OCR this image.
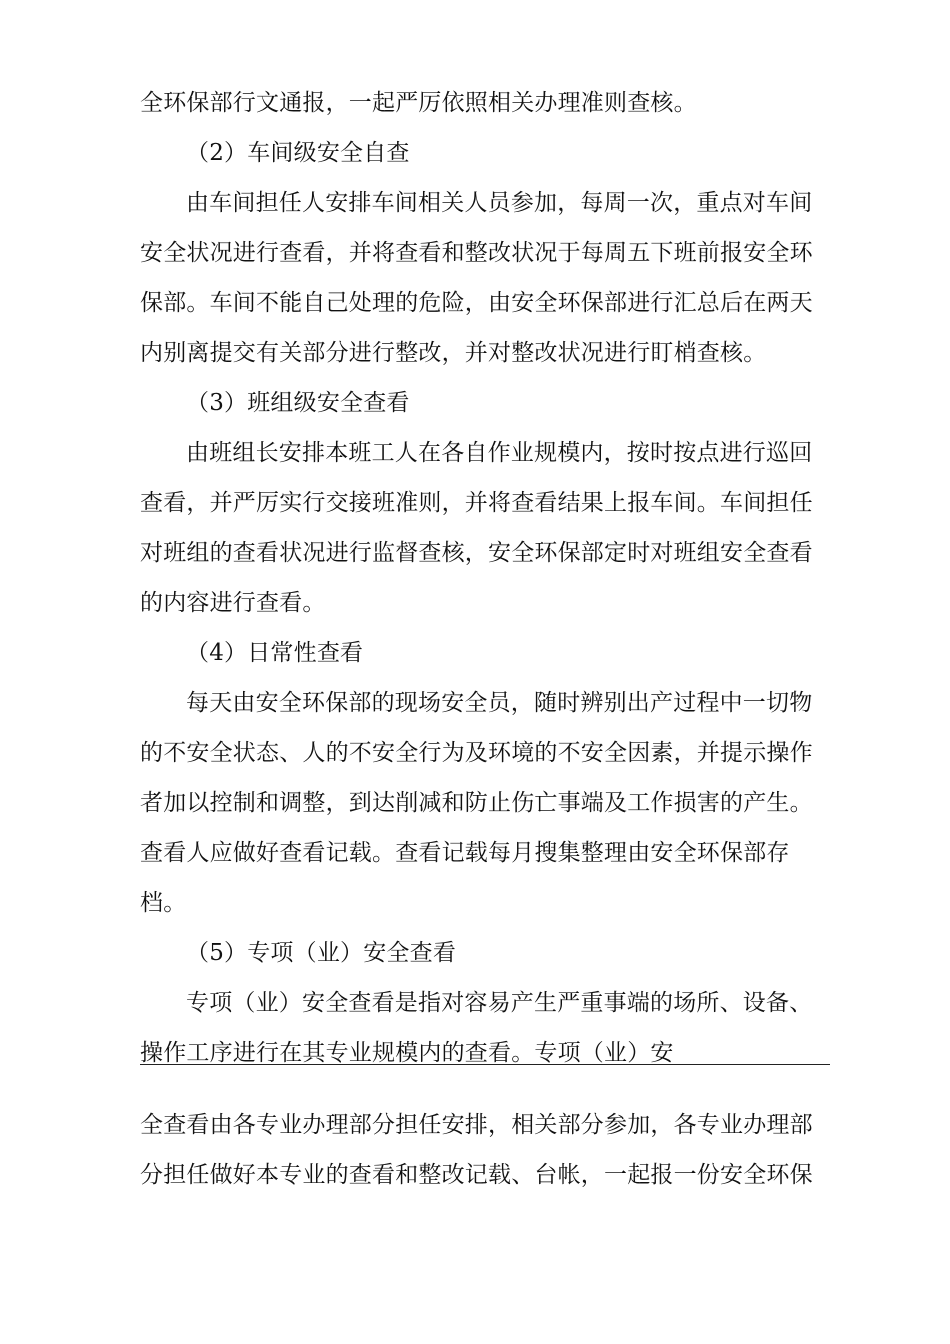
全环保部行文通报，一起严厉依照相关办理准则查核。
（2）车间级安全自查
由车间担任人安排车间相关人员参加，每周一次，重点对车间
安全状况进行查看，并将查看和整改状况于每周五下班前报安全环
保部。车间不能自己处理的危险，由安全环保部进行汇总后在两天
内别离提交有关部分进行整改，并对整改状况进行盯梢查核。
（3）班组级安全查看
由班组长安排本班工人在各自作业规模内，按时按点进行巡回
查看，并严厉实行交接班准则，并将查看结果上报车间。车间担任
对班组的查看状况进行监督查核，安全环保部定时对班组安全查看
的内容进行查看。
（4）日常性查看
每天由安全环保部的现场安全员，随时辨别出产过程中一切物
的不安全状态、人的不安全行为及环境的不安全因素，并提示操作
者加以控制和调整，到达削减和防止伤亡事端及工作损害的产生。
查看人应做好查看记载。查看记载每月搜集整理由安全环保部存
档。
（5）专项（业）安全查看
专项（业）安全查看是指对容易产生严重事端的场所、设备、
操作工序进行在其专业规模内的查看。专项（业）安
全查看由各专业办理部分担任安排，相关部分参加，各专业办理部
分担任做好本专业的查看和整改记载、台帐，一起报一份安全环保
